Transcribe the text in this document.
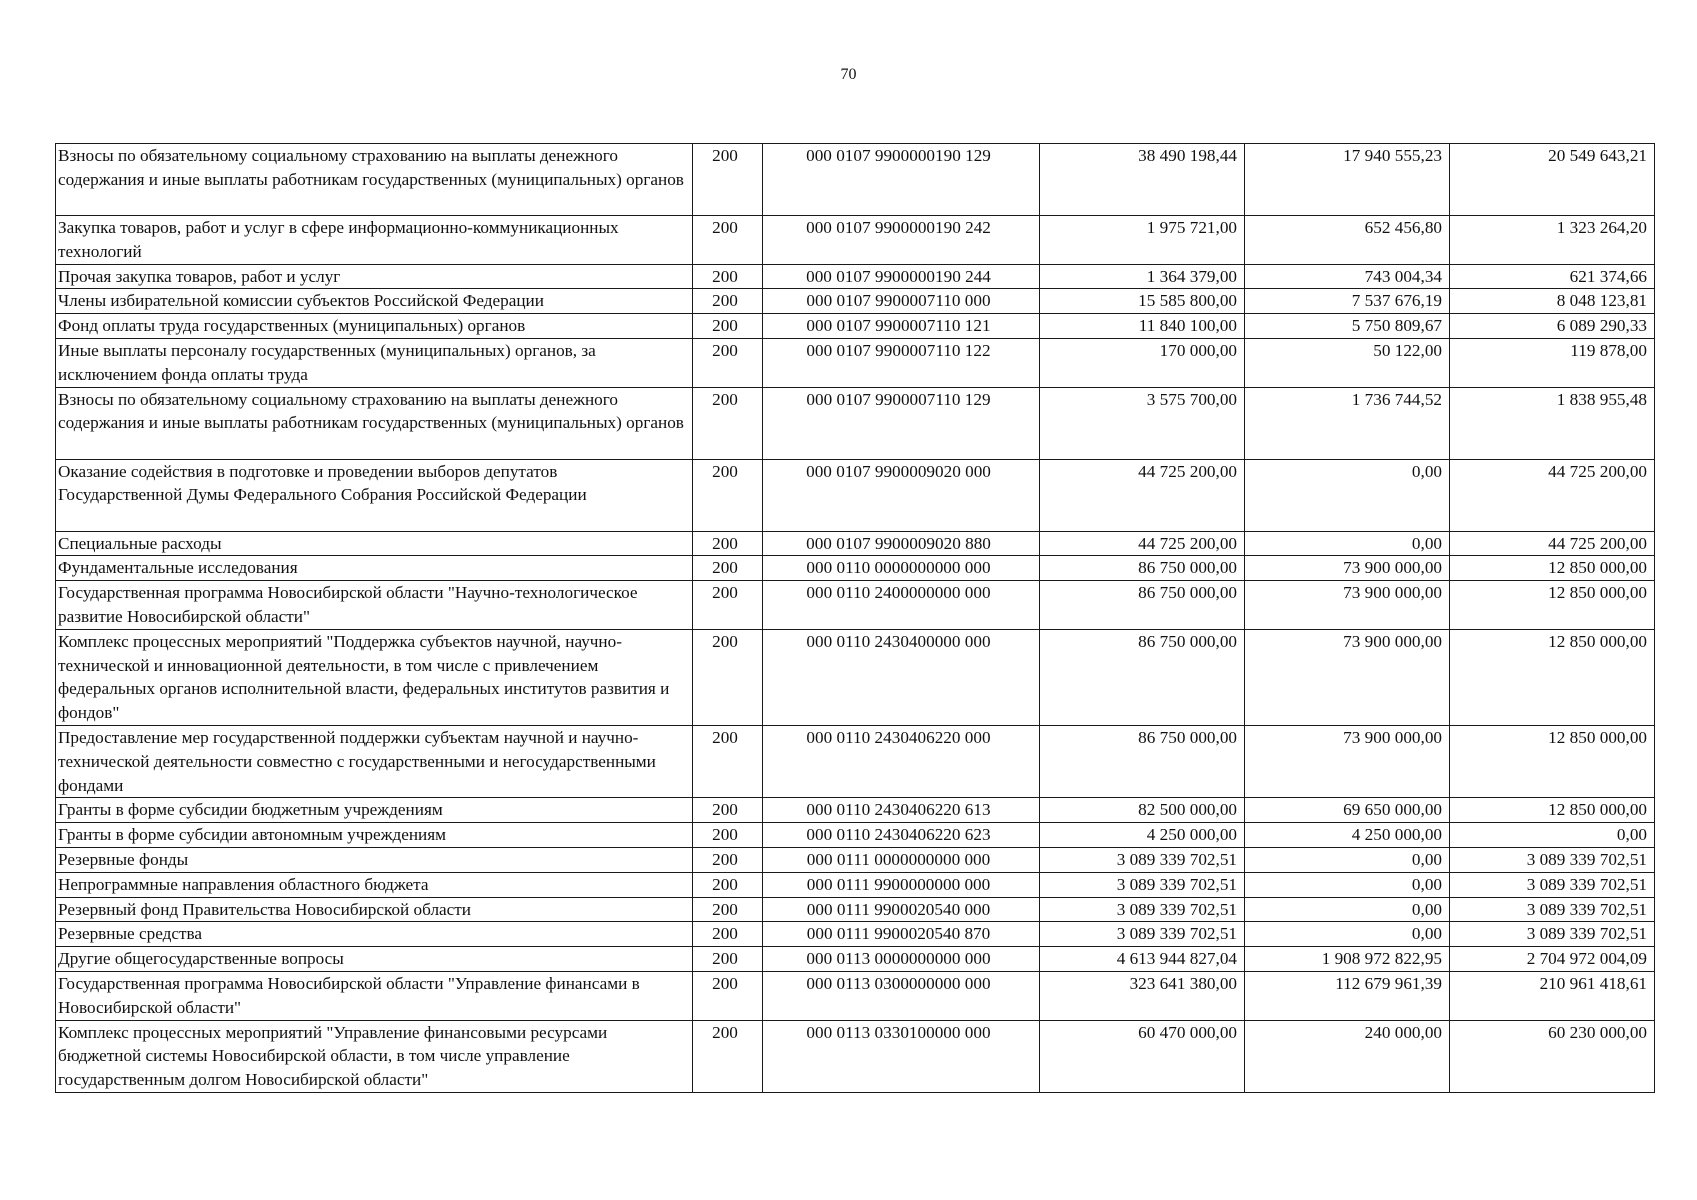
70
Взносы по обязательному социальному страхованию на выплаты денежного содержания и иные выплаты работникам государственных (муниципальных) органов	200	000 0107 9900000190 129	38 490 198,44	17 940 555,23	20 549 643,21
Закупка товаров, работ и услуг в сфере информационно-коммуникационных технологий	200	000 0107 9900000190 242	1 975 721,00	652 456,80	1 323 264,20
Прочая закупка товаров, работ и услуг	200	000 0107 9900000190 244	1 364 379,00	743 004,34	621 374,66
Члены избирательной комиссии субъектов Российской Федерации	200	000 0107 9900007110 000	15 585 800,00	7 537 676,19	8 048 123,81
Фонд оплаты труда государственных (муниципальных) органов	200	000 0107 9900007110 121	11 840 100,00	5 750 809,67	6 089 290,33
Иные выплаты персоналу государственных (муниципальных) органов, за исключением фонда оплаты труда	200	000 0107 9900007110 122	170 000,00	50 122,00	119 878,00
Взносы по обязательному социальному страхованию на выплаты денежного содержания и иные выплаты работникам государственных (муниципальных) органов	200	000 0107 9900007110 129	3 575 700,00	1 736 744,52	1 838 955,48
Оказание содействия в подготовке и проведении выборов депутатов Государственной Думы Федерального Собрания Российской Федерации	200	000 0107 9900009020 000	44 725 200,00	0,00	44 725 200,00
Специальные расходы	200	000 0107 9900009020 880	44 725 200,00	0,00	44 725 200,00
Фундаментальные исследования	200	000 0110 0000000000 000	86 750 000,00	73 900 000,00	12 850 000,00
Государственная программа Новосибирской области "Научно-технологическое развитие Новосибирской области"	200	000 0110 2400000000 000	86 750 000,00	73 900 000,00	12 850 000,00
Комплекс процессных мероприятий "Поддержка субъектов научной, научно-технической и инновационной деятельности, в том числе с привлечением федеральных органов исполнительной власти, федеральных институтов развития и фондов"	200	000 0110 2430400000 000	86 750 000,00	73 900 000,00	12 850 000,00
Предоставление мер государственной поддержки субъектам научной и научно-технической деятельности совместно с государственными и негосударственными фондами	200	000 0110 2430406220 000	86 750 000,00	73 900 000,00	12 850 000,00
Гранты в форме субсидии бюджетным учреждениям	200	000 0110 2430406220 613	82 500 000,00	69 650 000,00	12 850 000,00
Гранты в форме субсидии автономным учреждениям	200	000 0110 2430406220 623	4 250 000,00	4 250 000,00	0,00
Резервные фонды	200	000 0111 0000000000 000	3 089 339 702,51	0,00	3 089 339 702,51
Непрограммные направления областного бюджета	200	000 0111 9900000000 000	3 089 339 702,51	0,00	3 089 339 702,51
Резервный фонд Правительства Новосибирской области	200	000 0111 9900020540 000	3 089 339 702,51	0,00	3 089 339 702,51
Резервные средства	200	000 0111 9900020540 870	3 089 339 702,51	0,00	3 089 339 702,51
Другие общегосударственные вопросы	200	000 0113 0000000000 000	4 613 944 827,04	1 908 972 822,95	2 704 972 004,09
Государственная программа Новосибирской области "Управление финансами в Новосибирской области"	200	000 0113 0300000000 000	323 641 380,00	112 679 961,39	210 961 418,61
Комплекс процессных мероприятий "Управление финансовыми ресурсами бюджетной системы Новосибирской области, в том числе управление государственным долгом Новосибирской области"	200	000 0113 0330100000 000	60 470 000,00	240 000,00	60 230 000,00
